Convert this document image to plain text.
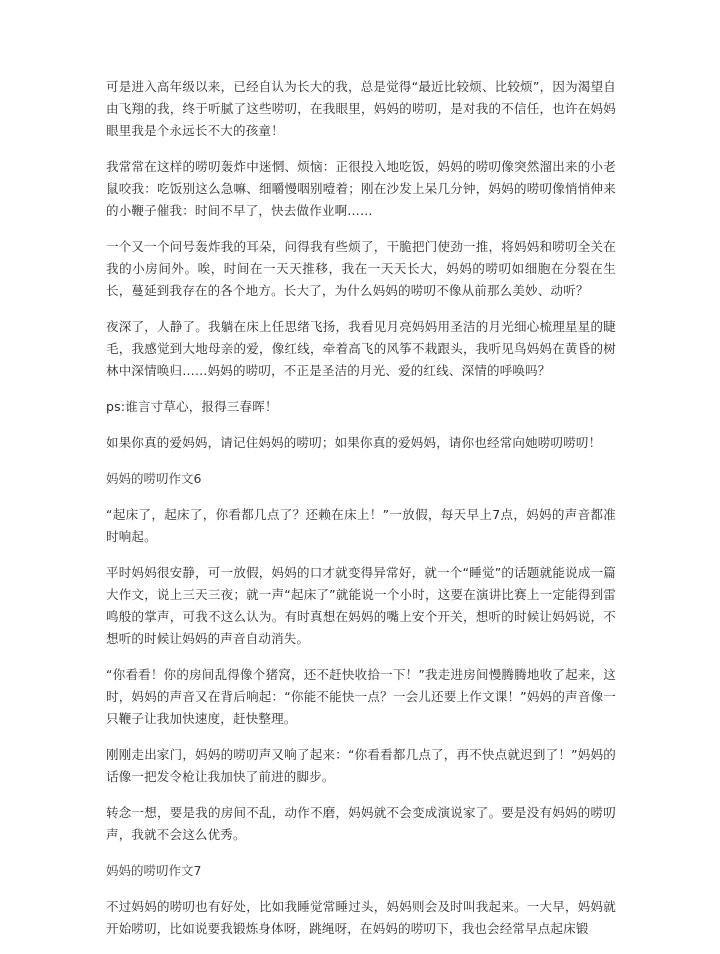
可是进入高年级以来，已经自认为长大的我，总是觉得“最近比较烦、比较烦”，因为渴望自由飞翔的我，终于听腻了这些唠叨，在我眼里，妈妈的唠叨，是对我的不信任，也许在妈妈眼里我是个永远长不大的孩童！

我常常在这样的唠叨轰炸中迷惘、烦恼：正很投入地吃饭，妈妈的唠叨像突然溜出来的小老鼠咬我：吃饭别这么急嘛、细嚼慢咽别噎着；刚在沙发上呆几分钟，妈妈的唠叨像悄悄伸来的小鞭子催我：时间不早了，快去做作业啊……

一个又一个问号轰炸我的耳朵，问得我有些烦了，干脆把门使劲一推，将妈妈和唠叨全关在我的小房间外。唉，时间在一天天推移，我在一天天长大，妈妈的唠叨如细胞在分裂在生长，蔓延到我存在的各个地方。长大了，为什么妈妈的唠叨不像从前那么美妙、动听？

夜深了，人静了。我躺在床上任思绪飞扬，我看见月亮妈妈用圣洁的月光细心梳理星星的睫毛，我感觉到大地母亲的爱，像红线，牵着高飞的风筝不栽跟头，我听见鸟妈妈在黄昏的树林中深情唤归……妈妈的唠叨，不正是圣洁的月光、爱的红线、深情的呼唤吗？

ps:谁言寸草心，报得三春晖！

如果你真的爱妈妈，请记住妈妈的唠叨；如果你真的爱妈妈，请你也经常向她唠叨唠叨！

妈妈的唠叨作文6

“起床了，起床了，你看都几点了？还赖在床上！”一放假，每天早上7点，妈妈的声音都准时响起。

平时妈妈很安静，可一放假，妈妈的口才就变得异常好，就一个“睡觉”的话题就能说成一篇大作文，说上三天三夜；就一声“起床了”就能说一个小时，这要在演讲比赛上一定能得到雷鸣般的掌声，可我不这么认为。有时真想在妈妈的嘴上安个开关，想听的时候让妈妈说，不想听的时候让妈妈的声音自动消失。

“你看看！你的房间乱得像个猪窝，还不赶快收拾一下！”我走进房间慢腾腾地收了起来，这时，妈妈的声音又在背后响起：“你能不能快一点？一会儿还要上作文课！”妈妈的声音像一只鞭子让我加快速度，赶快整理。

刚刚走出家门，妈妈的唠叨声又响了起来：“你看看都几点了，再不快点就迟到了！”妈妈的话像一把发令枪让我加快了前进的脚步。

转念一想，要是我的房间不乱，动作不磨，妈妈就不会变成演说家了。要是没有妈妈的唠叨声，我就不会这么优秀。

妈妈的唠叨作文7

不过妈妈的唠叨也有好处，比如我睡觉常睡过头，妈妈则会及时叫我起来。一大早，妈妈就开始唠叨，比如说要我锻炼身体呀，跳绳呀，在妈妈的唠叨下，我也会经常早点起床锻
